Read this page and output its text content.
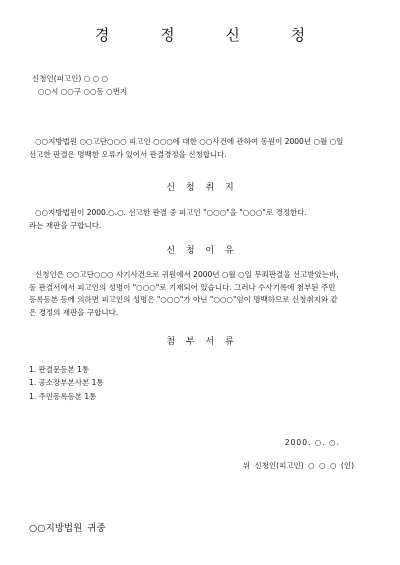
경 정 신 청
신청인(피고인) ○ ○ ○
○○시 ○○구 ○○동 ○번지
○○지방법원 ○○고단○○○ 피고인 ○○○에 대한 ○○사건에 관하여 동원이 2000년 ○월 ○일
선고한 판결은 명백한 오류가 있어서 판결경정을 신청합니다.
신 청 취 지
○○지방법원이 2000.○.○. 선고한 판결 중 피고인 "○○○"을 "○○○"로 경정한다.
라는 재판을 구합니다.
신 청 이 유
신청인은 ○○고단○○○ 사기사건으로 귀원에서 2000년 ○월 ○일 무죄판결을 선고받았는바,
동 판결서에서 피고인의 성명이 "○○○"로 기재되어 있습니다. 그러나 수사기록에 첨부된 주민
등록등본 등에 의하면 피고인의 성명은 "○○○"가 아닌 "○○○"임이 명백하므로 신청취지와 같
은 경정의 재판을 구합니다.
첨 부 서 류
1. 판결문등본 1통
1. 공소장부본사본 1통
1. 주민등록등본 1통
2000. ○. ○.
위 신청인(피고인) ○ ○ ○ (인)
○○지방법원 귀중
